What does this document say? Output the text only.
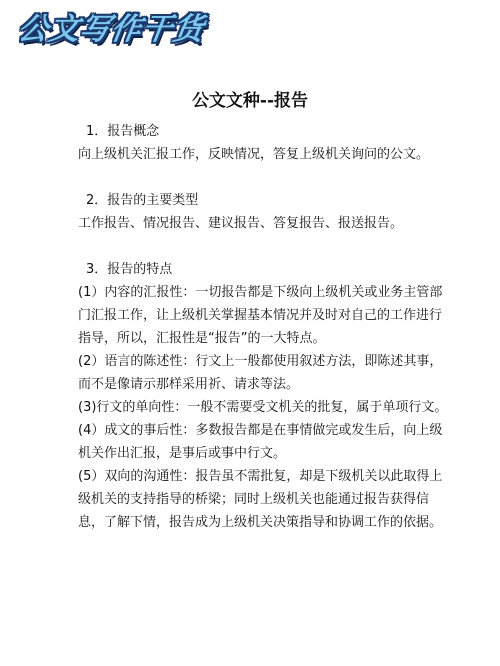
公文写作干货
公文文种--报告

1．报告概念

向上级机关汇报工作，反映情况，答复上级机关询问的公文。

2．报告的主要类型

工作报告、情况报告、建议报告、答复报告、报送报告。

3．报告的特点

(1）内容的汇报性：一切报告都是下级向上级机关或业务主管部门汇报工作，让上级机关掌握基本情况并及时对自己的工作进行指导，所以，汇报性是“报告”的一大特点。

(2）语言的陈述性：行文上一般都使用叙述方法，即陈述其事，而不是像请示那样采用祈、请求等法。

(3)行文的单向性：一般不需要受文机关的批复，属于单项行文。

(4）成文的事后性：多数报告都是在事情做完或发生后，向上级机关作出汇报，是事后或事中行文。

(5）双向的沟通性：报告虽不需批复，却是下级机关以此取得上级机关的支持指导的桥梁；同时上级机关也能通过报告获得信息，了解下情，报告成为上级机关决策指导和协调工作的依据。
